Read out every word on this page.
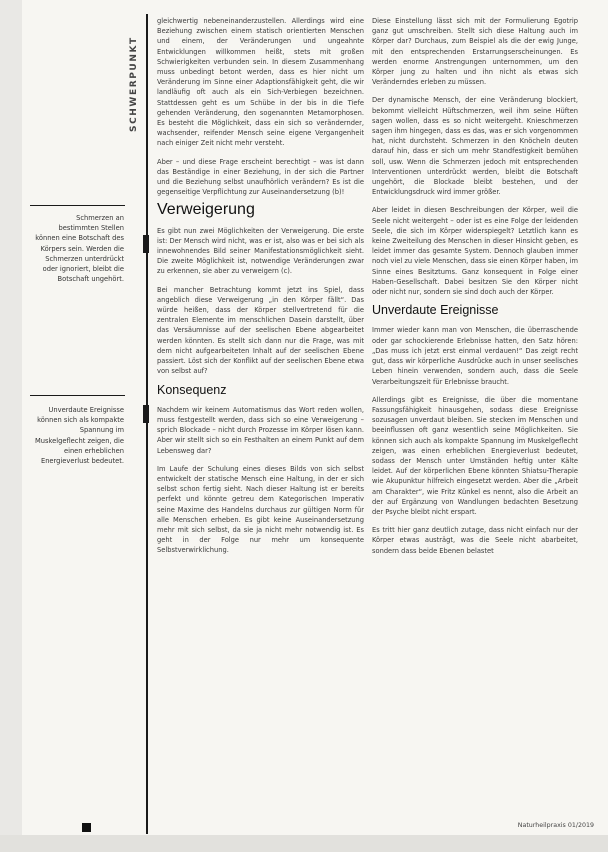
SCHWERPUNKT
Schmerzen an bestimmten Stellen können eine Botschaft des Körpers sein. Werden die Schmerzen unterdrückt oder ignoriert, bleibt die Botschaft ungehört.
Unverdaute Ereignisse können sich als kompakte Spannung im Muskelgeflecht zeigen, die einen erheblichen Energieverlust bedeutet.

gleichwertig nebeneinanderzustellen. Allerdings wird eine Beziehung zwischen einem statisch orientierten Menschen und einem, der Veränderungen und ungeahnte Entwicklungen willkommen heißt, stets mit großen Schwierigkeiten verbunden sein. In diesem Zusammenhang muss unbedingt betont werden, dass es hier nicht um Veränderung im Sinne einer Adaptionsfähigkeit geht, die wir landläufig oft auch als ein Sich-Verbiegen bezeichnen. Stattdessen geht es um Schübe in der bis in die Tiefe gehenden Veränderung, den sogenannten Metamorphosen. Es besteht die Möglichkeit, dass ein sich so verändernder, wachsender, reifender Mensch seine eigene Vergangenheit nach einiger Zeit nicht mehr versteht.

Aber – und diese Frage erscheint berechtigt – was ist dann das Beständige in einer Beziehung, in der sich die Partner und die Beziehung selbst unaufhörlich verändern? Es ist die gegenseitige Verpflichtung zur Auseinandersetzung (b)!

Verweigerung

Es gibt nun zwei Möglichkeiten der Verweigerung. Die erste ist: Der Mensch wird nicht, was er ist, also was er bei sich als innewohnendes Bild seiner Manifestationsmöglichkeit sieht. Die zweite Möglichkeit ist, notwendige Veränderungen zwar zu erkennen, sie aber zu verweigern (c).

Bei mancher Betrachtung kommt jetzt ins Spiel, dass angeblich diese Verweigerung „in den Körper fällt“. Das würde heißen, dass der Körper stellvertretend für die zentralen Elemente im menschlichen Dasein darstellt, über das Versäumnisse auf der seelischen Ebene abgearbeitet werden könnten. Es stellt sich dann nur die Frage, was mit dem nicht aufgearbeiteten Inhalt auf der seelischen Ebene passiert. Löst sich der Konflikt auf der seelischen Ebene etwa von selbst auf?

Konsequenz

Nachdem wir keinem Automatismus das Wort reden wollen, muss festgestellt werden, dass sich so eine Verweigerung – sprich Blockade – nicht durch Prozesse im Körper lösen kann. Aber wir stellt sich so ein Festhalten an einem Punkt auf dem Lebensweg dar?

Im Laufe der Schulung eines dieses Bilds von sich selbst entwickelt der statische Mensch eine Haltung, in der er sich selbst schon fertig sieht. Nach dieser Haltung ist er bereits perfekt und könnte getreu dem Kategorischen Imperativ seine Maxime des Handelns durchaus zur gültigen Norm für alle Menschen erheben. Es gibt keine Auseinandersetzung mehr mit sich selbst, da sie ja nicht mehr notwendig ist. Es geht in der Folge nur mehr um konsequente Selbstverwirklichung.

Diese Einstellung lässt sich mit der Formulierung Egotrip ganz gut umschreiben. Stellt sich diese Haltung auch im Körper dar? Durchaus, zum Beispiel als die der ewig Junge, mit den entsprechenden Erstarrungserscheinungen. Es werden enorme Anstrengungen unternommen, um den Körper jung zu halten und ihn nicht als etwas sich Veränderndes erleben zu müssen.

Der dynamische Mensch, der eine Veränderung blockiert, bekommt vielleicht Hüftschmerzen, weil ihm seine Hüften sagen wollen, dass es so nicht weitergeht. Knieschmerzen sagen ihm hingegen, dass es das, was er sich vorgenommen hat, nicht durchsteht. Schmerzen in den Knöcheln deuten darauf hin, dass er sich um mehr Standfestigkeit bemühen soll, usw. Wenn die Schmerzen jedoch mit entsprechenden Interventionen unterdrückt werden, bleibt die Botschaft ungehört, die Blockade bleibt bestehen, und der Entwicklungsdruck wird immer größer.

Aber leidet in diesen Beschreibungen der Körper, weil die Seele nicht weitergeht – oder ist es eine Folge der leidenden Seele, die sich im Körper widerspiegelt? Letztlich kann es keine Zweiteilung des Menschen in dieser Hinsicht geben, es leidet immer das gesamte System. Dennoch glauben immer noch viel zu viele Menschen, dass sie einen Körper haben, im Sinne eines Besitztums. Ganz konsequent in Folge einer Haben-Gesellschaft. Dabei besitzen Sie den Körper nicht oder nicht nur, sondern sie sind doch auch der Körper.

Unverdaute Ereignisse

Immer wieder kann man von Menschen, die überraschende oder gar schockierende Erlebnisse hatten, den Satz hören: „Das muss ich jetzt erst einmal verdauen!“ Das zeigt recht gut, dass wir körperliche Ausdrücke auch in unser seelisches Leben hinein verwenden, sondern auch, dass die Seele Verarbeitungszeit für Erlebnisse braucht.

Allerdings gibt es Ereignisse, die über die momentane Fassungsfähigkeit hinausgehen, sodass diese Ereignisse sozusagen unverdaut bleiben. Sie stecken im Menschen und beeinflussen oft ganz wesentlich seine Möglichkeiten. Sie können sich auch als kompakte Spannung im Muskelgeflecht zeigen, was einen erheblichen Energieverlust bedeutet, sodass der Mensch unter Umständen heftig unter Kälte leidet. Auf der körperlichen Ebene könnten Shiatsu-Therapie wie Akupunktur hilfreich eingesetzt werden. Aber die „Arbeit am Charakter“, wie Fritz Künkel es nennt, also die Arbeit an der auf Ergänzung von Wandlungen bedachten Besetzung der Psyche bleibt nicht erspart.

Es tritt hier ganz deutlich zutage, dass nicht einfach nur der Körper etwas austrägt, was die Seele nicht abarbeitet, sondern dass beide Ebenen belastet

Naturheilpraxis 01/2019
